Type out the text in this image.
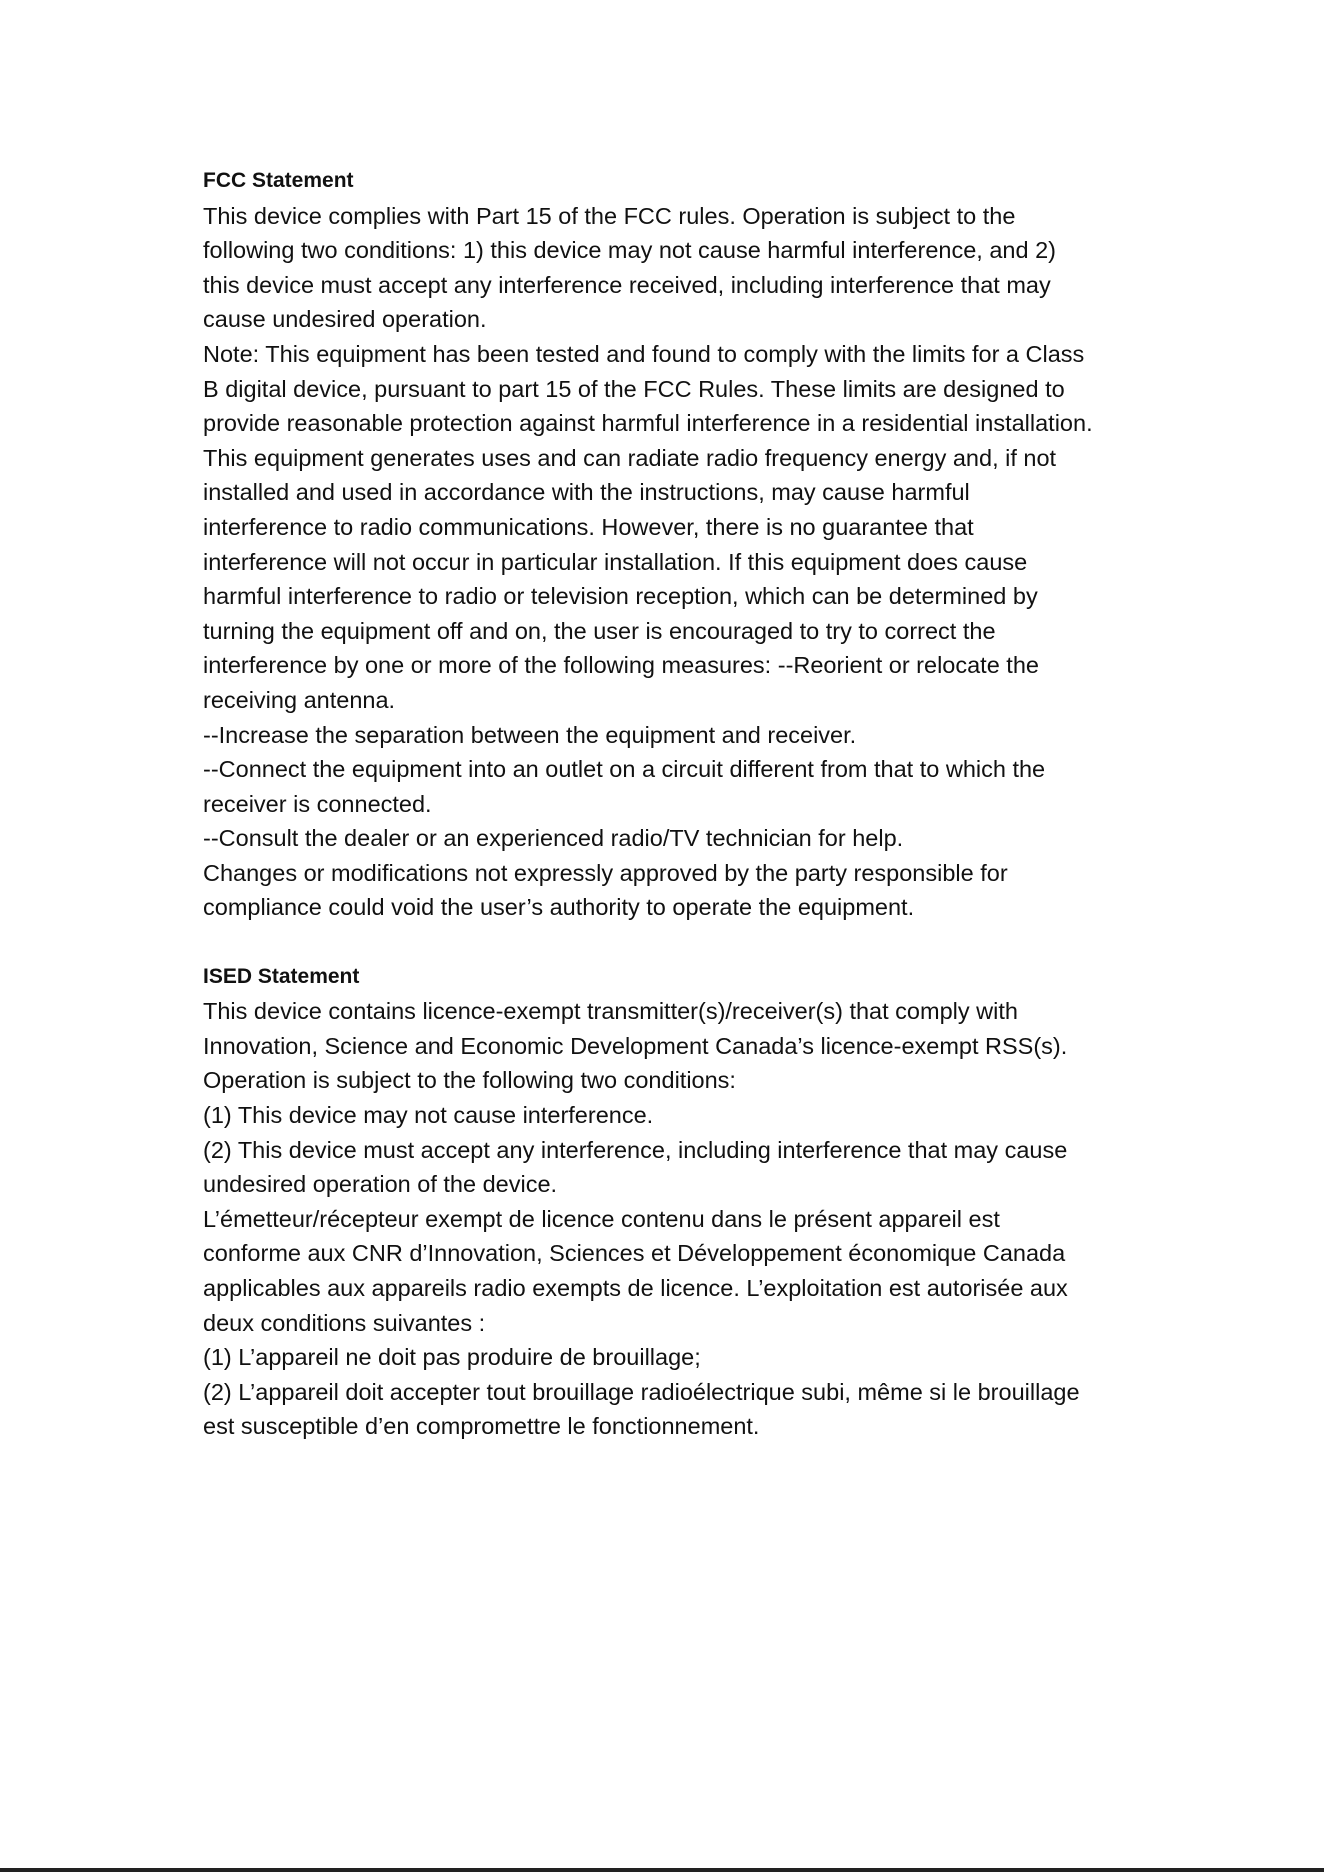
FCC Statement
This device complies with Part 15 of the FCC rules. Operation is subject to the
following two conditions: 1) this device may not cause harmful interference, and 2)
this device must accept any interference received, including interference that may
cause undesired operation.
Note: This equipment has been tested and found to comply with the limits for a Class
B digital device, pursuant to part 15 of the FCC Rules. These limits are designed to
provide reasonable protection against harmful interference in a residential installation.
This equipment generates uses and can radiate radio frequency energy and, if not
installed and used in accordance with the instructions, may cause harmful
interference to radio communications. However, there is no guarantee that
interference will not occur in particular installation. If this equipment does cause
harmful interference to radio or television reception, which can be determined by
turning the equipment off and on, the user is encouraged to try to correct the
interference by one or more of the following measures: --Reorient or relocate the
receiving antenna.
--Increase the separation between the equipment and receiver.
--Connect the equipment into an outlet on a circuit different from that to which the
receiver is connected.
--Consult the dealer or an experienced radio/TV technician for help.
Changes or modifications not expressly approved by the party responsible for
compliance could void the user’s authority to operate the equipment.
ISED Statement
This device contains licence-exempt transmitter(s)/receiver(s) that comply with
Innovation, Science and Economic Development Canada’s licence-exempt RSS(s).
Operation is subject to the following two conditions:
(1) This device may not cause interference.
(2) This device must accept any interference, including interference that may cause
undesired operation of the device.
L’émetteur/récepteur exempt de licence contenu dans le présent appareil est
conforme aux CNR d’Innovation, Sciences et Développement économique Canada
applicables aux appareils radio exempts de licence. L’exploitation est autorisée aux
deux conditions suivantes :
(1) L’appareil ne doit pas produire de brouillage;
(2) L’appareil doit accepter tout brouillage radioélectrique subi, même si le brouillage
est susceptible d’en compromettre le fonctionnement.
